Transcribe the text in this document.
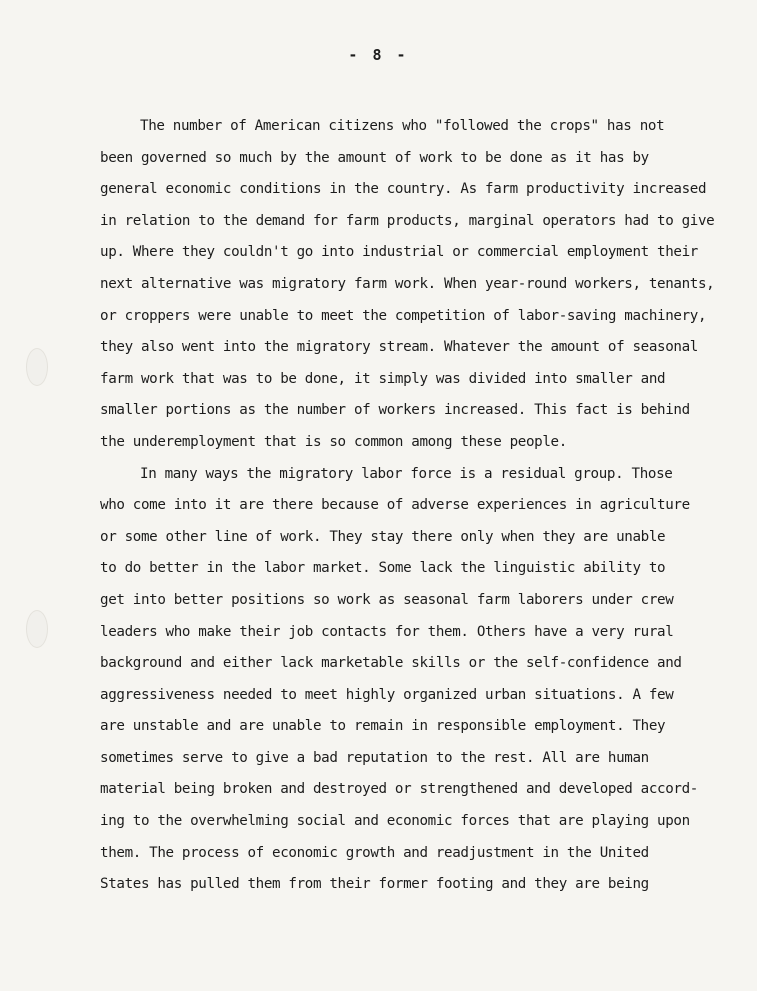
- 8 -
The number of American citizens who "followed the crops" has not
been governed so much by the amount of work to be done as it has by
general economic conditions in the country. As farm productivity increased
in relation to the demand for farm products, marginal operators had to give
up. Where they couldn't go into industrial or commercial employment their
next alternative was migratory farm work. When year-round workers, tenants,
or croppers were unable to meet the competition of labor-saving machinery,
they also went into the migratory stream. Whatever the amount of seasonal
farm work that was to be done, it simply was divided into smaller and
smaller portions as the number of workers increased. This fact is behind
the underemployment that is so common among these people.
In many ways the migratory labor force is a residual group. Those
who come into it are there because of adverse experiences in agriculture
or some other line of work. They stay there only when they are unable
to do better in the labor market. Some lack the linguistic ability to
get into better positions so work as seasonal farm laborers under crew
leaders who make their job contacts for them. Others have a very rural
background and either lack marketable skills or the self-confidence and
aggressiveness needed to meet highly organized urban situations. A few
are unstable and are unable to remain in responsible employment. They
sometimes serve to give a bad reputation to the rest. All are human
material being broken and destroyed or strengthened and developed accord-
ing to the overwhelming social and economic forces that are playing upon
them. The process of economic growth and readjustment in the United
States has pulled them from their former footing and they are being
